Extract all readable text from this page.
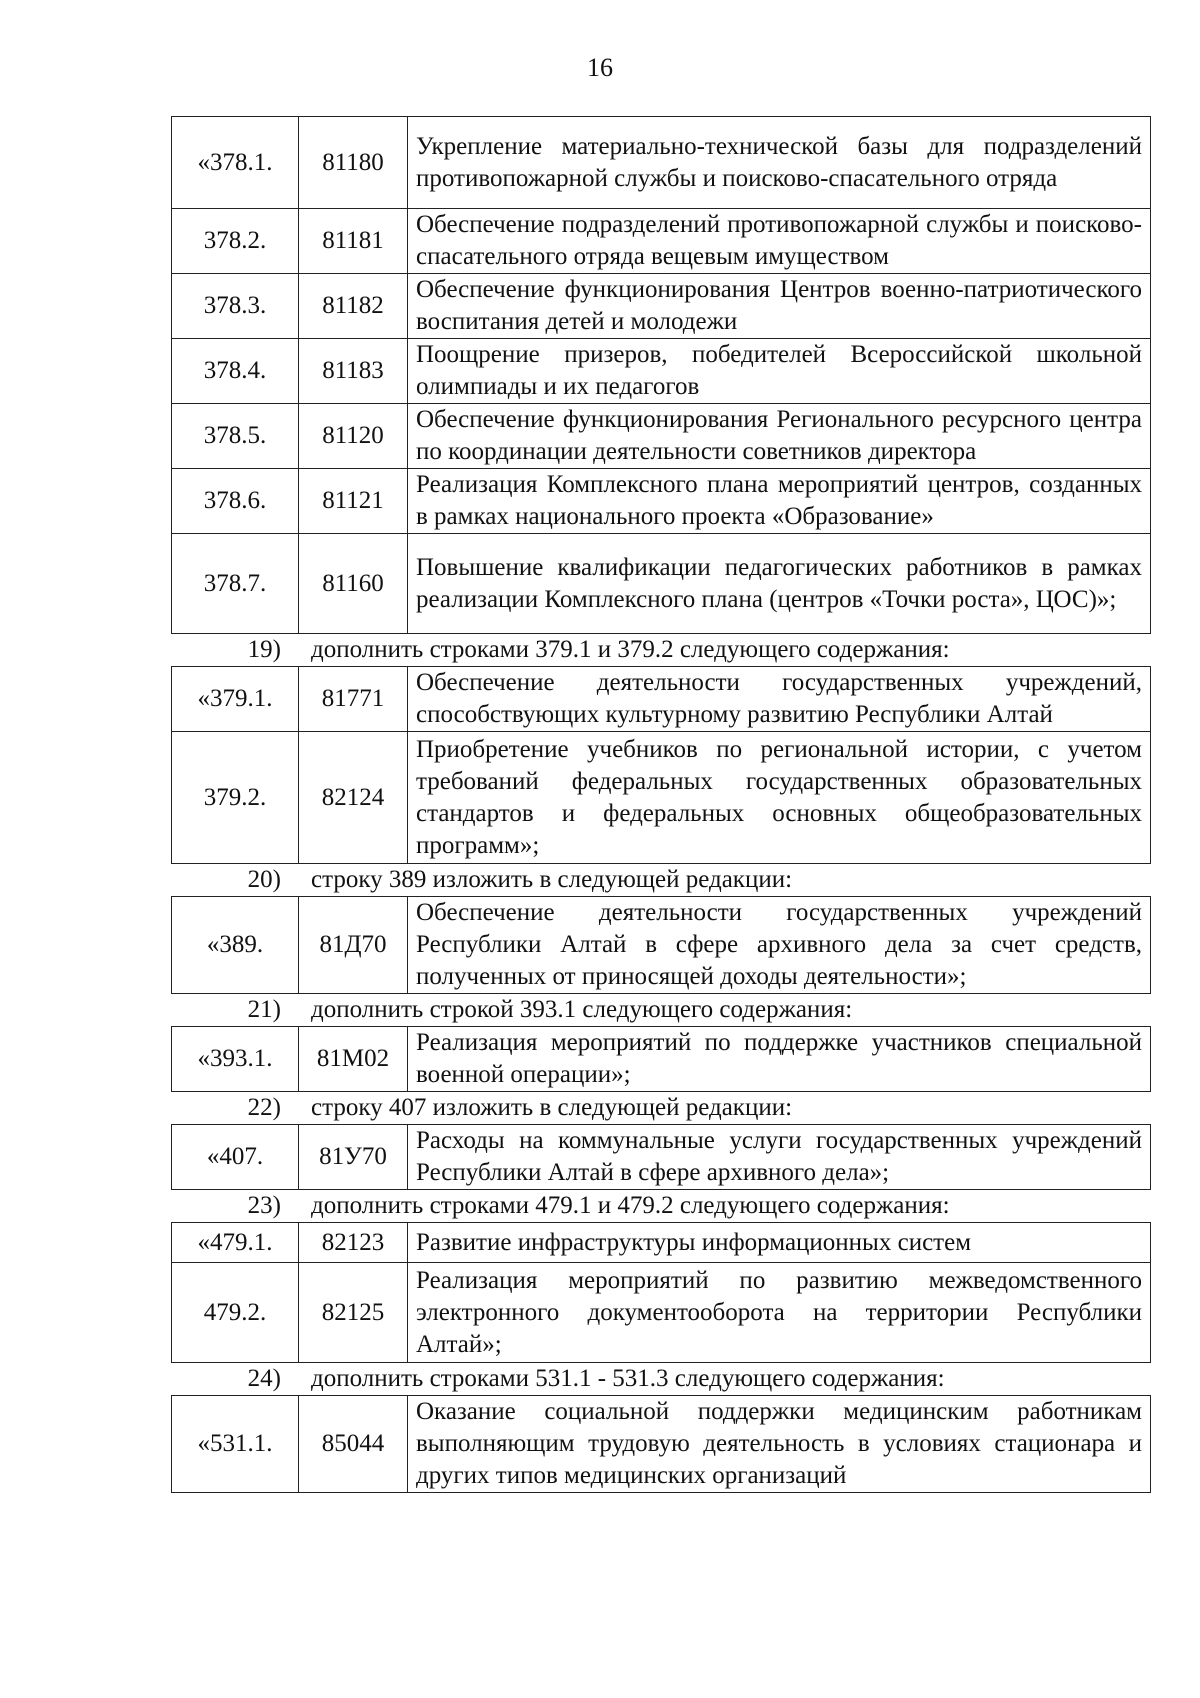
16
«378.1.	81180	Укрепление материально-технической базы для подразделений противопожарной службы и поисково-спасательного отряда
378.2.	81181	Обеспечение подразделений противопожарной службы и поисково-спасательного отряда вещевым имуществом
378.3.	81182	Обеспечение функционирования Центров военно-патриотического воспитания детей и молодежи
378.4.	81183	Поощрение призеров, победителей Всероссийской школьной олимпиады и их педагогов
378.5.	81120	Обеспечение функционирования Регионального ресурсного центра по координации деятельности советников директора
378.6.	81121	Реализация Комплексного плана мероприятий центров, созданных в рамках национального проекта «Образование»
378.7.	81160	Повышение квалификации педагогических работников в рамках реализации Комплексного плана (центров «Точки роста», ЦОС)»;
19) дополнить строками 379.1 и 379.2 следующего содержания:
«379.1.	81771	Обеспечение деятельности государственных учреждений, способствующих культурному развитию Республики Алтай
379.2.	82124	Приобретение учебников по региональной истории, с учетом требований федеральных государственных образовательных стандартов и федеральных основных общеобразовательных программ»;
20) строку 389 изложить в следующей редакции:
«389.	81Д70	Обеспечение деятельности государственных учреждений Республики Алтай в сфере архивного дела за счет средств, полученных от приносящей доходы деятельности»;
21) дополнить строкой 393.1 следующего содержания:
«393.1.	81М02	Реализация мероприятий по поддержке участников специальной военной операции»;
22) строку 407 изложить в следующей редакции:
«407.	81У70	Расходы на коммунальные услуги государственных учреждений Республики Алтай в сфере архивного дела»;
23) дополнить строками 479.1 и 479.2 следующего содержания:
«479.1.	82123	Развитие инфраструктуры информационных систем
479.2.	82125	Реализация мероприятий по развитию межведомственного электронного документооборота на территории Республики Алтай»;
24) дополнить строками 531.1 - 531.3 следующего содержания:
«531.1.	85044	Оказание социальной поддержки медицинским работникам выполняющим трудовую деятельность в условиях стационара и других типов медицинских организаций
